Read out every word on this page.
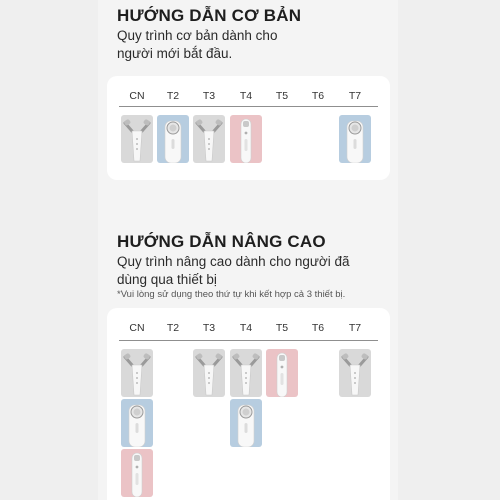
HƯỚNG DẪN CƠ BẢN
Quy trình cơ bản dành cho người mới bắt đầu.
CN	T2	T3	T4	T5	T6	T7
HƯỚNG DẪN NÂNG CAO
Quy trình nâng cao dành cho người đã dùng qua thiết bị
*Vui lòng sử dụng theo thứ tự khi kết hợp cả 3 thiết bị.
CN	T2	T3	T4	T5	T6	T7
